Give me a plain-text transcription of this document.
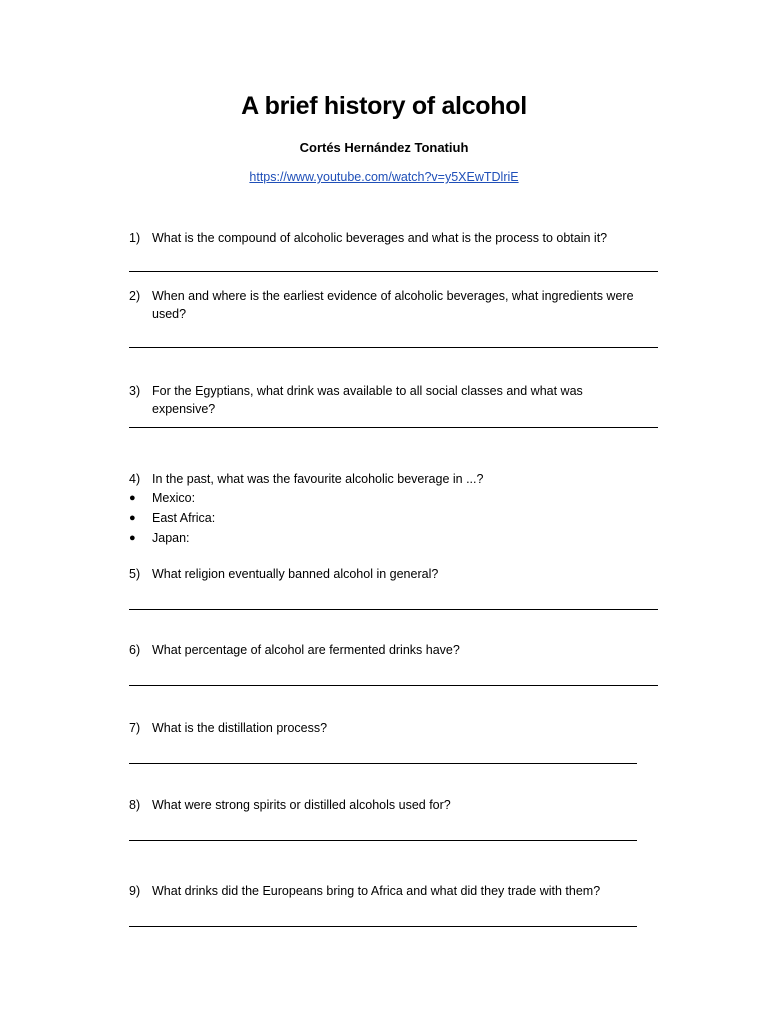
A brief history of alcohol
Cortés Hernández Tonatiuh
https://www.youtube.com/watch?v=y5XEwTDlriE
1) What is the compound of alcoholic beverages and what is the process to obtain it?
2) When and where is the earliest evidence of alcoholic beverages, what ingredients were used?
3) For the Egyptians, what drink was available to all social classes and what was expensive?
4) In the past, what was the favourite alcoholic beverage in ...?
●	Mexico:
●	East Africa:
●	Japan:
5) What religion eventually banned alcohol in general?
6) What percentage of alcohol are fermented drinks have?
7) What is the distillation process?
8) What were strong spirits or distilled alcohols used for?
9) What drinks did the Europeans bring to Africa and what did they trade with them?
